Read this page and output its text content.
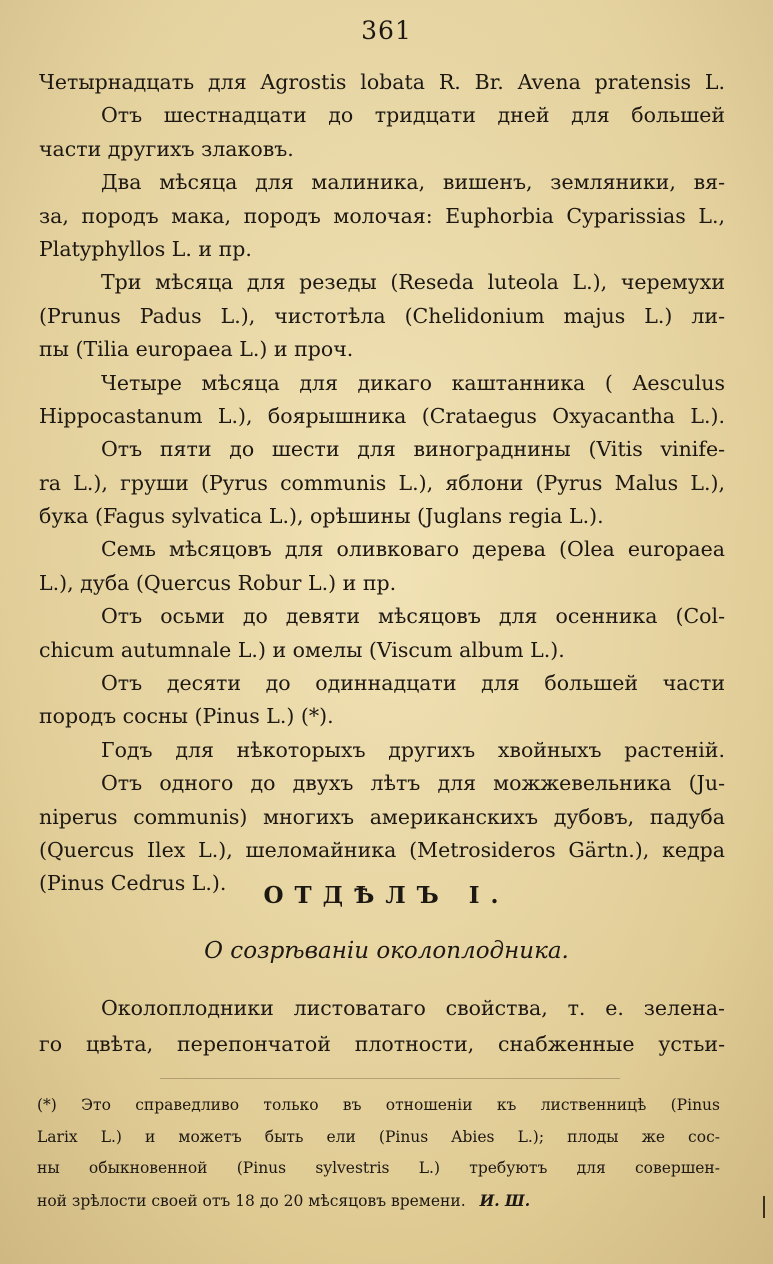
361
Четырнадцать для Agrostis lobata R. Br. Avena pratensis L.
Отъ шестнадцати до тридцати дней для большей
части другихъ злаковъ.
Два мѣсяца для малиника, вишенъ, земляники, вя-
за, породъ мака, породъ молочая: Euphorbia Cyparissias L.,
Platyphyllos L. и пр.
Три мѣсяца для резеды (Reseda luteola L.), черемухи
(Prunus Padus L.), чистотѣла (Chelidonium majus L.) ли-
пы (Tilia europaea L.) и проч.
Четыре мѣсяца для дикаго каштанника ( Aesculus
Hippocastanum L.), боярышника (Crataegus Oxyacantha L.).
Отъ пяти до шести для винограднины (Vitis vinife-
ra L.), груши (Pyrus communis L.), яблони (Pyrus Malus L.),
бука (Fagus sylvatica L.), орѣшины (Juglans regia L.).
Семь мѣсяцовъ для оливковаго дерева (Olea europaea
L.), дуба (Quercus Robur L.) и пр.
Отъ осьми до девяти мѣсяцовъ для осенника (Col-
chicum autumnale L.) и омелы (Viscum album L.).
Отъ десяти до одиннадцати для большей части
породъ сосны (Pinus L.) (*).
Годъ для нѣкоторыхъ другихъ хвойныхъ растеній.
Отъ одного до двухъ лѣтъ для можжевельника (Ju-
niperus communis) многихъ американскихъ дубовъ, падуба
(Quercus Ilex L.), шеломайника (Metrosideros Gärtn.), кедра
(Pinus Cedrus L.).	ОТДѢЛЪ I.
О созрѣваніи околоплодника.
Околоплодники листоватаго свойства, т. е. зелена-
го цвѣта, перепончатой плотности, снабженные устьи-
(*) Это справедливо только въ отношеніи къ лиственницѣ (Pinus
Larix L.) и можетъ быть ели (Pinus Abies L.); плоды же сос-
ны обыкновенной (Pinus sylvestris L.) требуютъ для совершен-
ной зрѣлости своей отъ 18 до 20 мѣсяцовъ времени. И. Ш.
